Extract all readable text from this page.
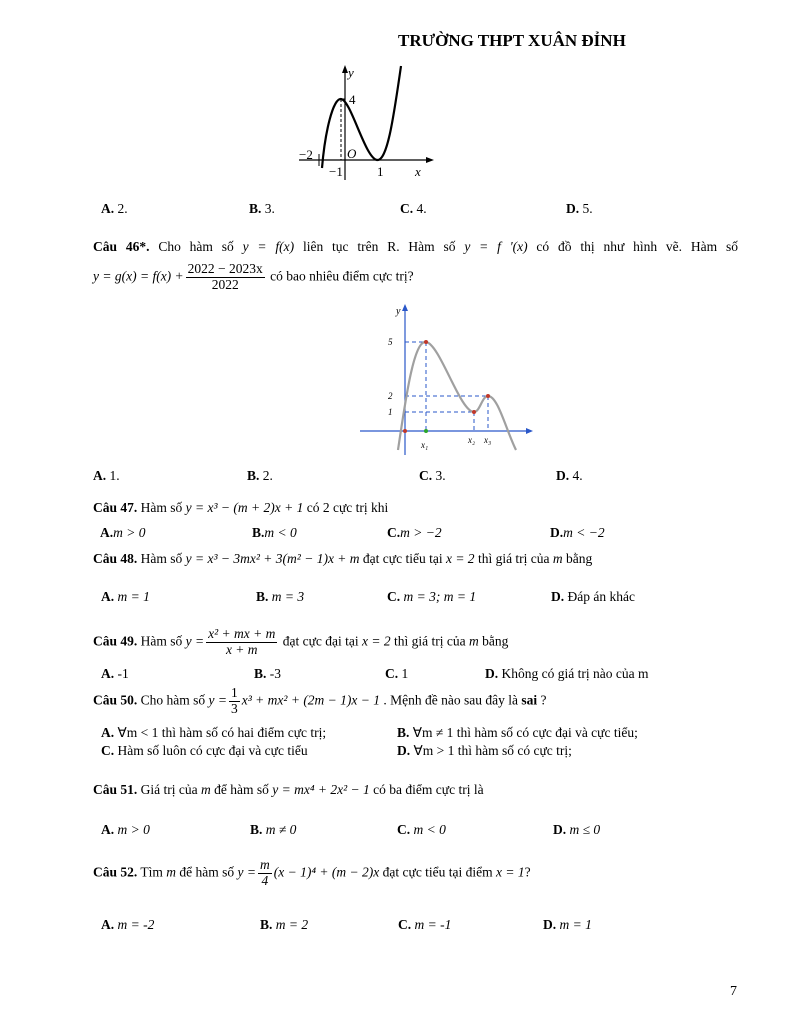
TRƯỜNG THPT XUÂN ĐỈNH
y
4
O
−2
−1	1 x
A. 2.	B. 3.	C. 4.	D. 5.
Câu 46*. Cho hàm số y = f(x) liên tục trên R. Hàm số y = f '(x) có đồ thị như hình vẽ. Hàm số
$y = g(x) = f(x) + \frac{2022 - 2023x}{2022}$ có bao nhiêu điểm cực trị?
y
5
2
1
x₁	x₂ x₃
A. 1.	B. 2.	C. 3.	D. 4.
Câu 47. Hàm số y = x³ − (m + 2)x + 1 có 2 cực trị khi
A.m > 0	B.m < 0	C.m > −2	D.m < −2
Câu 48. Hàm số y = x³ − 3mx² + 3(m² − 1)x + m đạt cực tiểu tại x = 2 thì giá trị của m bằng
A. m = 1	B. m = 3	C. m = 3; m = 1	D. Đáp án khác
Câu 49. Hàm số $y = \frac{\text{x² + mx + m}}{x + m}$ đạt cực đại tại x = 2 thì giá trị của m bằng
A. -1	B. -3	C. 1	D. Không có giá trị nào của m
Câu 50. Cho hàm số $y = \frac{1}{3} x^3 + mx^2 + (2m - 1)x - 1$ . Mệnh đề nào sau đây là sai ?
A. ∀m < 1 thì hàm số có hai điểm cực trị;	B. ∀m ≠ 1 thì hàm số có cực đại và cực tiểu;
C. Hàm số luôn có cực đại và cực tiểu	D. ∀m > 1 thì hàm số có cực trị;
Câu 51. Giá trị của m để hàm số y = mx⁴ + 2x² − 1 có ba điểm cực trị là
A. m > 0	B. m ≠ 0	C. m < 0	D. m ≤ 0
Câu 52. Tìm m để hàm số $y = \frac{m}{4} (x - 1)^4 + (m - 2)x$ đạt cực tiểu tại điểm x = 1?
A. m = -2	B. m = 2	C. m = -1	D. m = 1
7
